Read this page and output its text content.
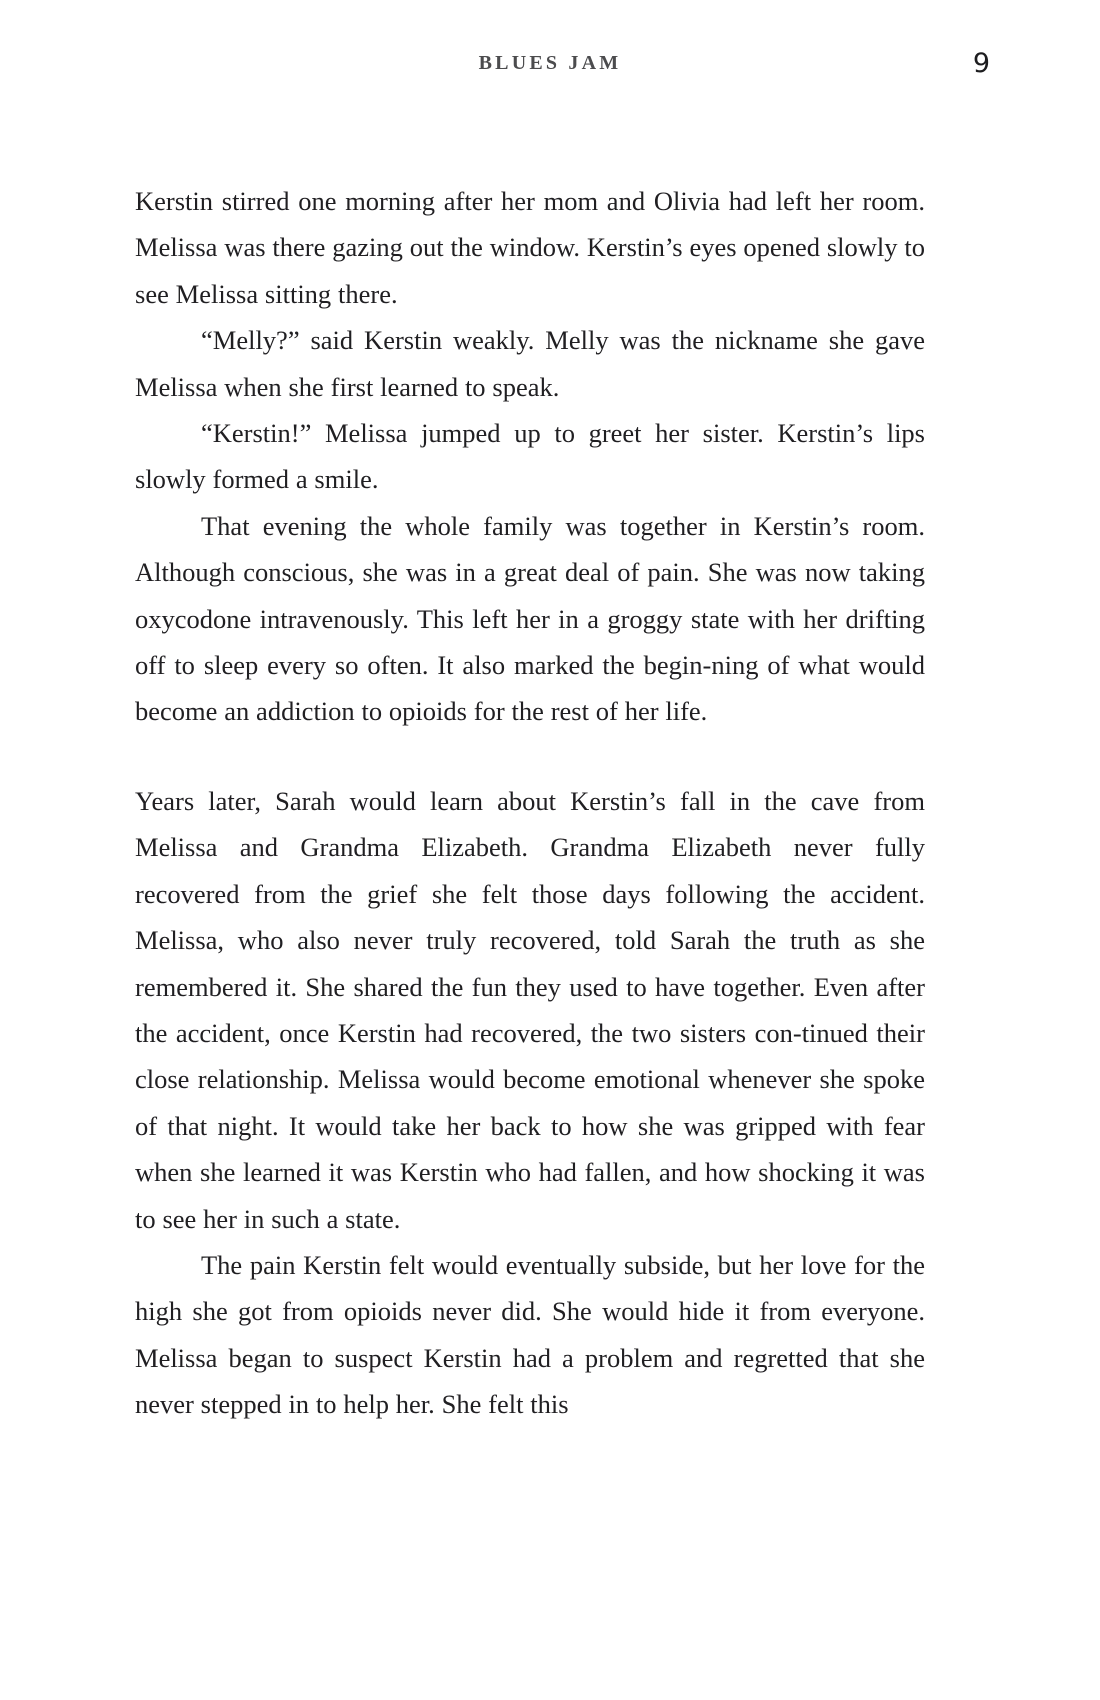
BLUES JAM	9

Kerstin stirred one morning after her mom and Olivia had left her room. Melissa was there gazing out the window. Kerstin’s eyes opened slowly to see Melissa sitting there.

“Melly?” said Kerstin weakly. Melly was the nickname she gave Melissa when she first learned to speak.

“Kerstin!” Melissa jumped up to greet her sister. Kerstin’s lips slowly formed a smile.

That evening the whole family was together in Kerstin’s room. Although conscious, she was in a great deal of pain. She was now taking oxycodone intravenously. This left her in a groggy state with her drifting off to sleep every so often. It also marked the begin-ning of what would become an addiction to opioids for the rest of her life.

Years later, Sarah would learn about Kerstin’s fall in the cave from Melissa and Grandma Elizabeth. Grandma Elizabeth never fully recovered from the grief she felt those days following the accident. Melissa, who also never truly recovered, told Sarah the truth as she remembered it. She shared the fun they used to have together. Even after the accident, once Kerstin had recovered, the two sisters con-tinued their close relationship. Melissa would become emotional whenever she spoke of that night. It would take her back to how she was gripped with fear when she learned it was Kerstin who had fallen, and how shocking it was to see her in such a state.

The pain Kerstin felt would eventually subside, but her love for the high she got from opioids never did. She would hide it from everyone. Melissa began to suspect Kerstin had a problem and regretted that she never stepped in to help her. She felt this
